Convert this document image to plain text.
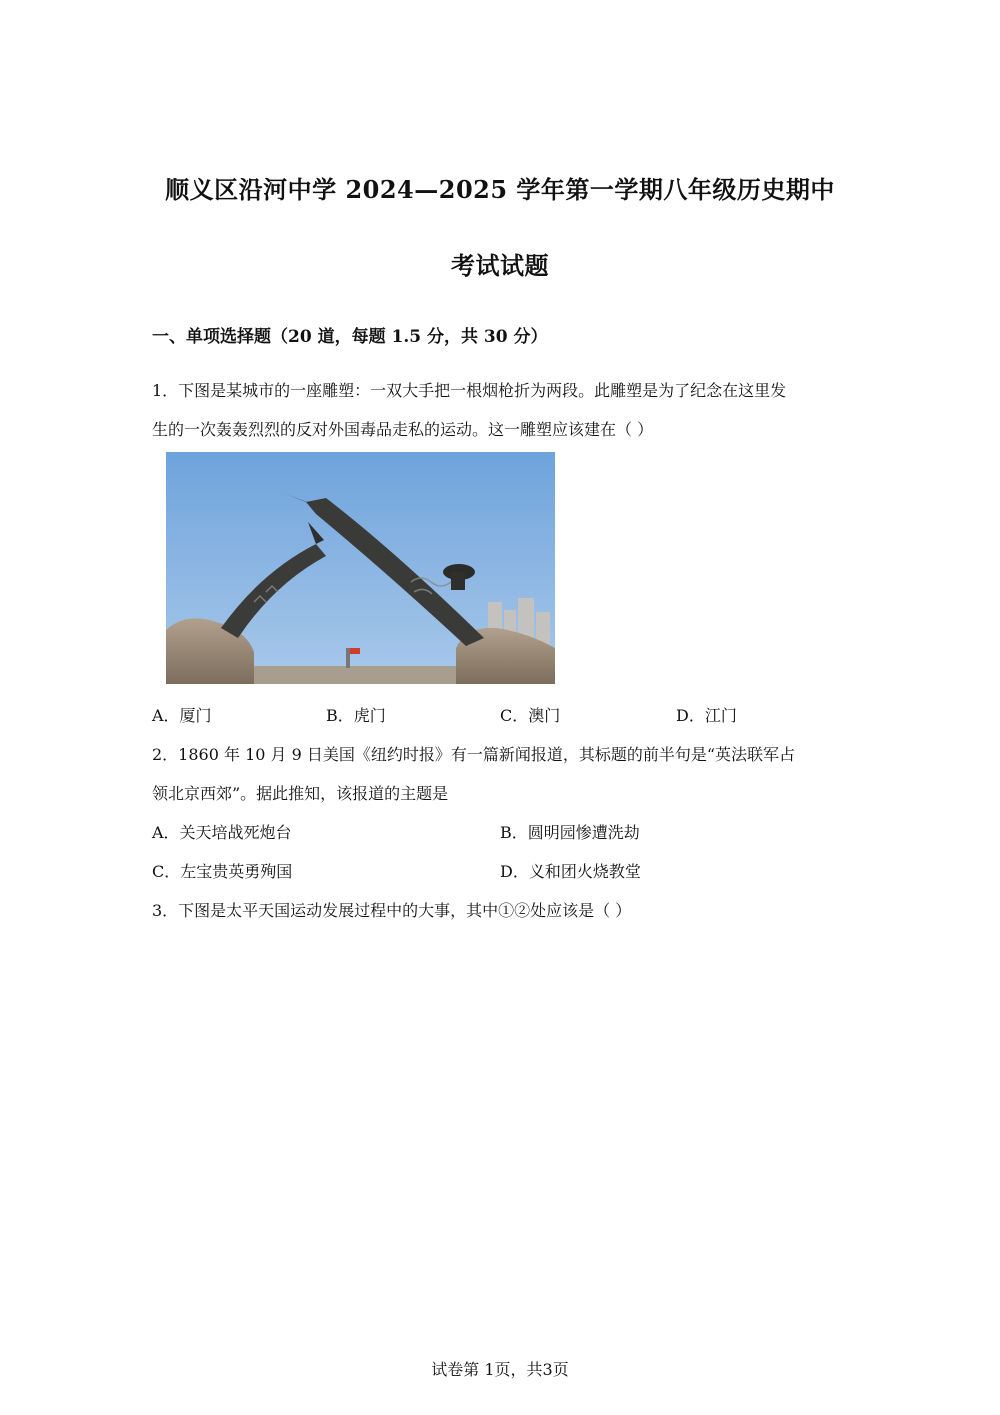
顺义区沿河中学 2024—2025 学年第一学期八年级历史期中
考试试题
一、单项选择题（20 道，每题 1.5 分，共 30 分）
1．下图是某城市的一座雕塑：一双大手把一根烟枪折为两段。此雕塑是为了纪念在这里发
生的一次轰轰烈烈的反对外国毒品走私的运动。这一雕塑应该建在（ ）
A．厦门	B．虎门	C．澳门	D．江门
2．1860 年 10 月 9 日美国《纽约时报》有一篇新闻报道，其标题的前半句是“英法联军占
领北京西郊”。据此推知，该报道的主题是
A．关天培战死炮台	B．圆明园惨遭洗劫
C．左宝贵英勇殉国	D．义和团火烧教堂
3．下图是太平天国运动发展过程中的大事，其中①②处应该是（ ）
试卷第 1页，共3页
